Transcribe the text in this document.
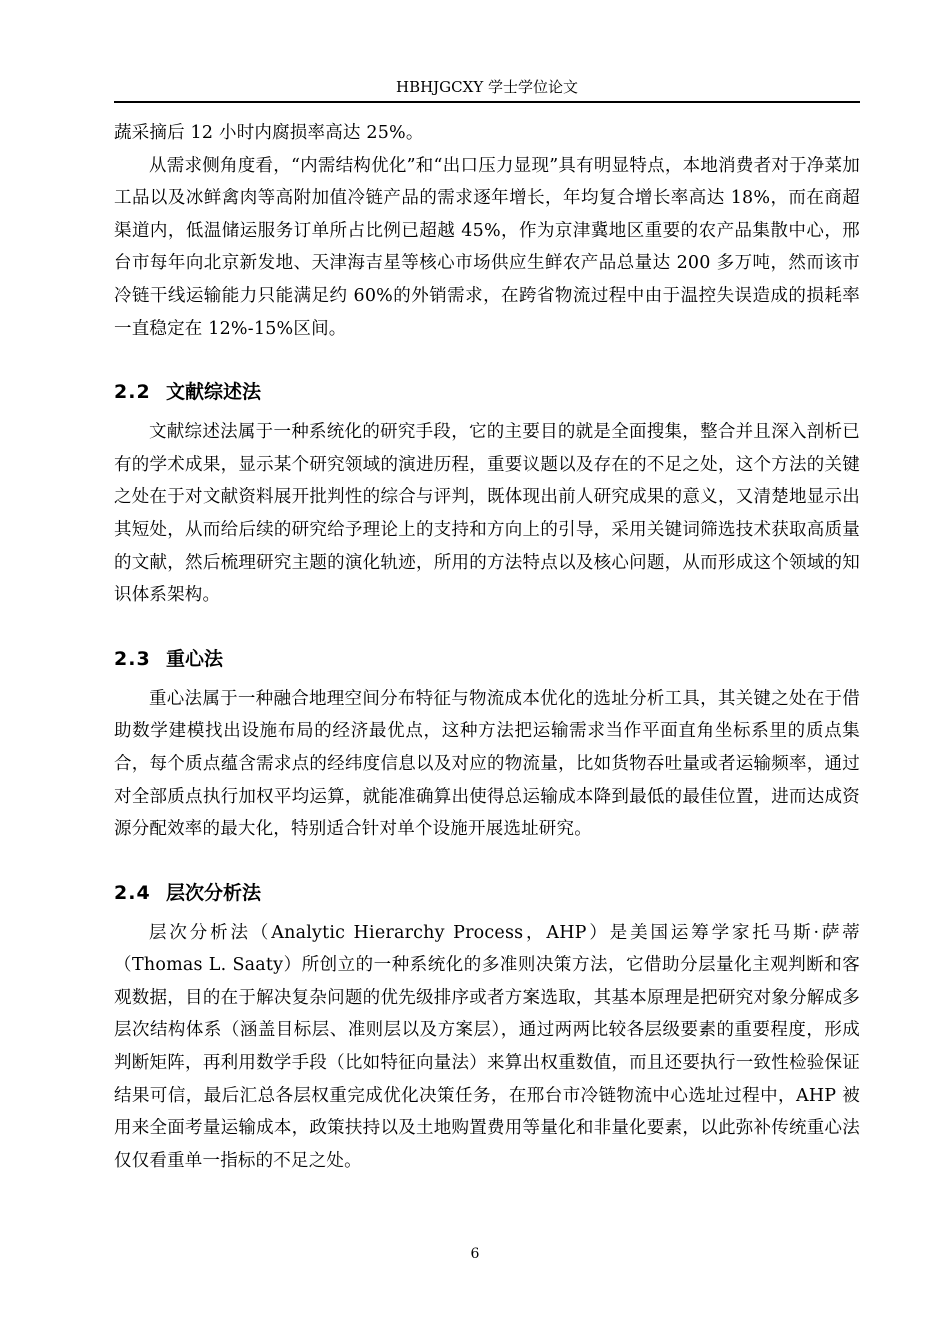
HBHJGCXY 学士学位论文

蔬采摘后 12 小时内腐损率高达 25%。

从需求侧角度看，“内需结构优化”和“出口压力显现”具有明显特点，本地消费者对于净菜加工品以及冰鲜禽肉等高附加值冷链产品的需求逐年增长，年均复合增长率高达 18%，而在商超渠道内，低温储运服务订单所占比例已超越 45%，作为京津冀地区重要的农产品集散中心，邢台市每年向北京新发地、天津海吉星等核心市场供应生鲜农产品总量达 200 多万吨，然而该市冷链干线运输能力只能满足约 60%的外销需求，在跨省物流过程中由于温控失误造成的损耗率一直稳定在 12%-15%区间。

2.2 文献综述法

文献综述法属于一种系统化的研究手段，它的主要目的就是全面搜集，整合并且深入剖析已有的学术成果，显示某个研究领域的演进历程，重要议题以及存在的不足之处，这个方法的关键之处在于对文献资料展开批判性的综合与评判，既体现出前人研究成果的意义，又清楚地显示出其短处，从而给后续的研究给予理论上的支持和方向上的引导，采用关键词筛选技术获取高质量的文献，然后梳理研究主题的演化轨迹，所用的方法特点以及核心问题，从而形成这个领域的知识体系架构。

2.3 重心法

重心法属于一种融合地理空间分布特征与物流成本优化的选址分析工具，其关键之处在于借助数学建模找出设施布局的经济最优点，这种方法把运输需求当作平面直角坐标系里的质点集合，每个质点蕴含需求点的经纬度信息以及对应的物流量，比如货物吞吐量或者运输频率，通过对全部质点执行加权平均运算，就能准确算出使得总运输成本降到最低的最佳位置，进而达成资源分配效率的最大化，特别适合针对单个设施开展选址研究。

2.4 层次分析法

层次分析法（Analytic Hierarchy Process，AHP）是美国运筹学家托马斯·萨蒂（Thomas L. Saaty）所创立的一种系统化的多准则决策方法，它借助分层量化主观判断和客观数据，目的在于解决复杂问题的优先级排序或者方案选取，其基本原理是把研究对象分解成多层次结构体系（涵盖目标层、准则层以及方案层），通过两两比较各层级要素的重要程度，形成判断矩阵，再利用数学手段（比如特征向量法）来算出权重数值，而且还要执行一致性检验保证结果可信，最后汇总各层权重完成优化决策任务，在邢台市冷链物流中心选址过程中，AHP 被用来全面考量运输成本，政策扶持以及土地购置费用等量化和非量化要素，以此弥补传统重心法仅仅看重单一指标的不足之处。

6
